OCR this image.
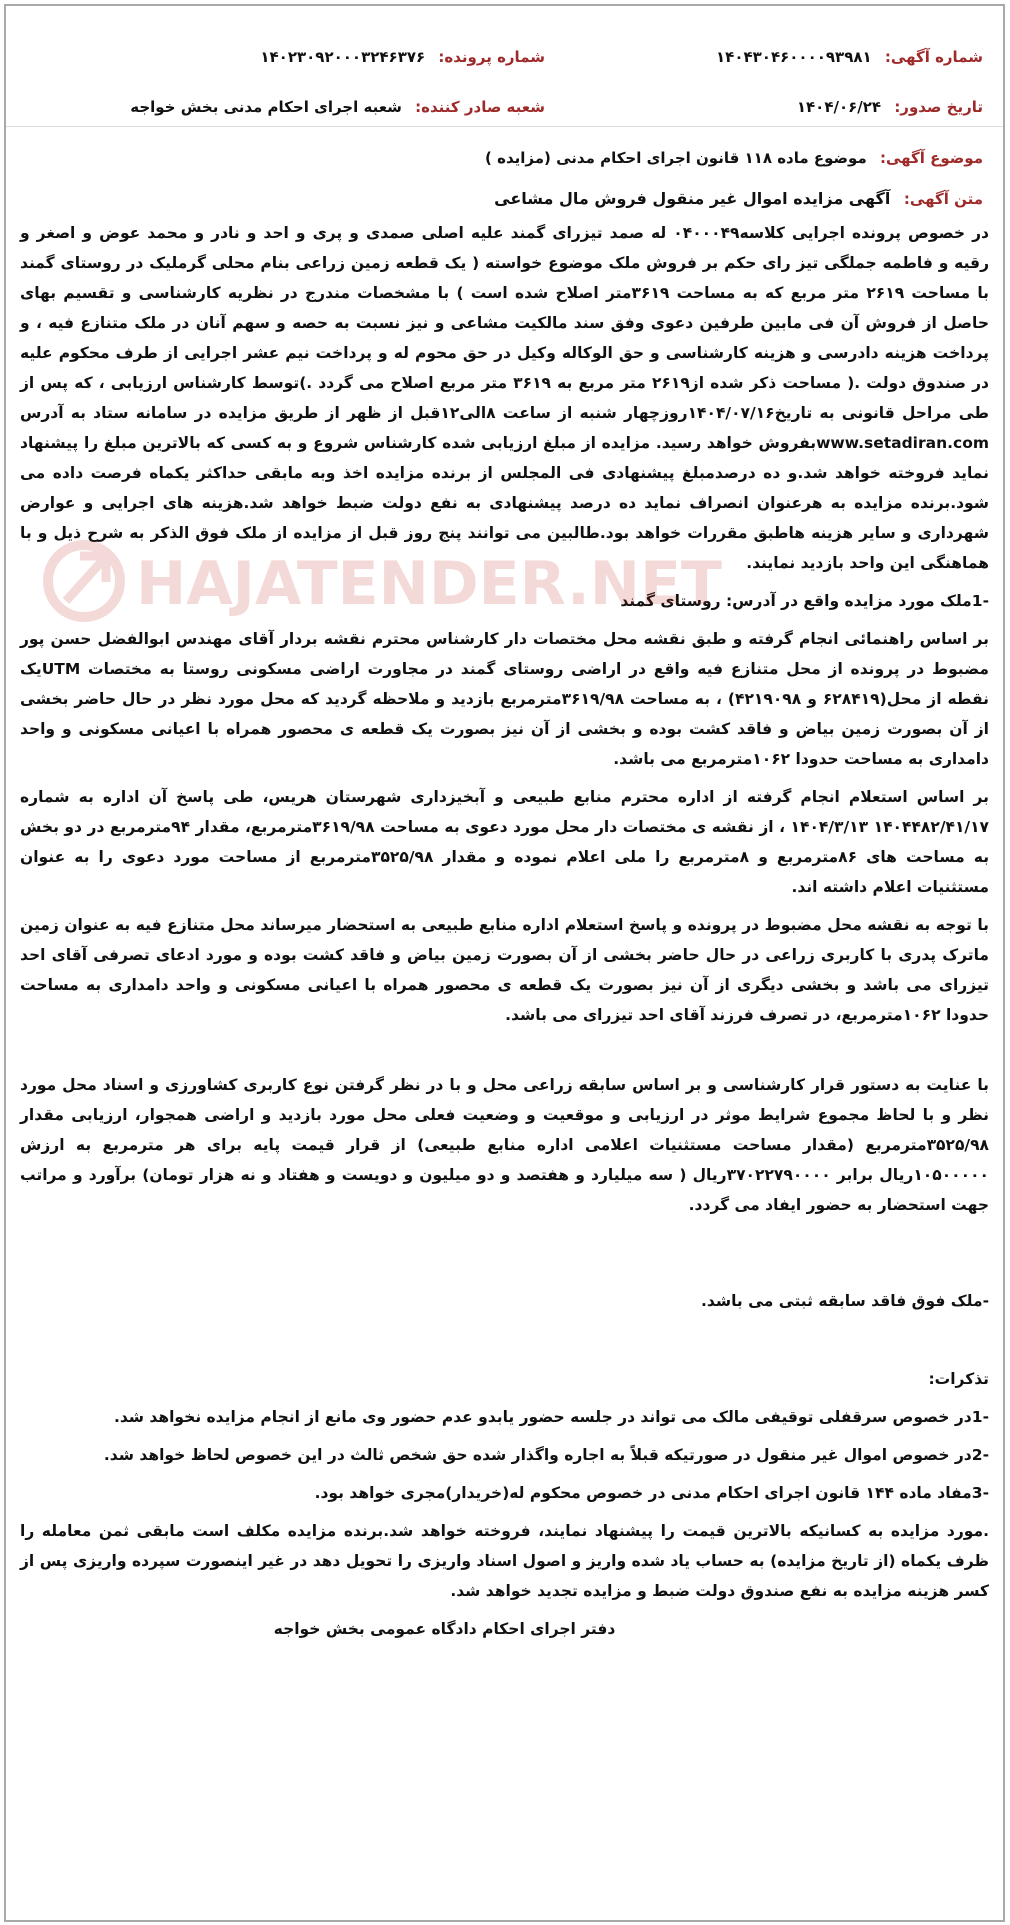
HAJATENDER.NET
شماره آگهی: ۱۴۰۴۳۰۴۶۰۰۰۰۹۳۹۸۱
شماره پرونده: ۱۴۰۲۳۰۹۲۰۰۰۳۲۴۶۳۷۶
تاریخ صدور: ۱۴۰۴/۰۶/۲۴
شعبه صادر کننده: شعبه اجرای احکام مدنی بخش خواجه
موضوع آگهی: موضوع ماده ۱۱۸ قانون اجرای احکام مدنی (مزایده )
متن آگهی: آگهی مزایده اموال غیر منقول فروش مال مشاعی

در خصوص پرونده اجرایی کلاسه۰۴۰۰۰۴۹ له صمد تیزرای گمند علیه اصلی صمدی و پری و احد و نادر و محمد عوض و اصغر و رقیه و فاطمه جملگی تیز رای حکم بر فروش ملک موضوع خواسته ( یک قطعه زمین زراعی بنام محلی گرملیک در روستای گمند با مساحت ۲۶۱۹ متر مربع که به مساحت ۳۶۱۹متر اصلاح شده است ) با مشخصات مندرج در نظریه کارشناسی و تقسیم بهای حاصل از فروش آن فی مابین طرفین دعوی وفق سند مالکیت مشاعی و نیز نسبت به حصه و سهم آنان در ملک متنازع فیه ، و پرداخت هزینه دادرسی و هزینه کارشناسی و حق الوکاله وکیل در حق محوم له و پرداخت نیم عشر اجرایی از طرف محکوم علیه در صندوق دولت .( مساحت ذکر شده از۲۶۱۹ متر مربع به ۳۶۱۹ متر مربع اصلاح می گردد .)توسط کارشناس ارزیابی ، که پس از طی مراحل قانونی به تاریخ۱۴۰۴/۰۷/۱۶روزچهار شنبه از ساعت ۸الی۱۲قبل از ظهر از طریق مزایده در سامانه ستاد به آدرس www.setadiran.comبفروش خواهد رسید. مزایده از مبلغ ارزیابی شده کارشناس شروع و به کسی که بالاترین مبلغ را پیشنهاد نماید فروخته خواهد شد.و ده درصدمبلغ پیشنهادی فی المجلس از برنده مزایده اخذ وبه مابقی حداکثر یکماه فرصت داده می شود.برنده مزایده به هرعنوان انصراف نماید ده درصد پیشنهادی به نفع دولت ضبط خواهد شد.هزینه های اجرایی و عوارض شهرداری و سایر هزینه هاطبق مقررات خواهد بود.طالبین می توانند پنج روز قبل از مزایده از ملک فوق الذکر به شرح ذیل و با هماهنگی این واحد بازدید نمایند.

-1ملک مورد مزایده واقع در آدرس: روستای گمند

بر اساس راهنمائی انجام گرفته و طبق نقشه محل مختصات دار کارشناس محترم نقشه بردار آقای مهندس ابوالفضل حسن پور مضبوط در پرونده از محل متنازع فیه واقع در اراضی روستای گمند در مجاورت اراضی مسکونی روستا به مختصات UTMیک نقطه از محل(۶۲۸۴۱۹ و ۴۲۱۹۰۹۸) ، به مساحت ۳۶۱۹/۹۸مترمربع بازدید و ملاحظه گردید که محل مورد نظر در حال حاضر بخشی از آن بصورت زمین بیاض و فاقد کشت بوده و بخشی از آن نیز بصورت یک قطعه ی محصور همراه با اعیانی مسکونی و واحد دامداری به مساحت حدودا ۱۰۶۲مترمربع می باشد.

بر اساس استعلام انجام گرفته از اداره محترم منابع طبیعی و آبخیزداری شهرستان هریس، طی پاسخ آن اداره به شماره ۱۴۰۴۴۸۲/۴۱/۱۷ ۱۴۰۴/۳/۱۳ ، از نقشه ی مختصات دار محل مورد دعوی به مساحت ۳۶۱۹/۹۸مترمربع، مقدار ۹۴مترمربع در دو بخش به مساحت های ۸۶مترمربع و ۸مترمربع را ملی اعلام نموده و مقدار ۳۵۲۵/۹۸مترمربع از مساحت مورد دعوی را به عنوان مستثنیات اعلام داشته اند.

با توجه به نقشه محل مضبوط در پرونده و پاسخ استعلام اداره منابع طبیعی به استحضار میرساند محل متنازع فیه به عنوان زمین ماترک پدری با کاربری زراعی در حال حاضر بخشی از آن بصورت زمین بیاض و فاقد کشت بوده و مورد ادعای تصرفی آقای احد تیزرای می باشد و بخشی دیگری از آن نیز بصورت یک قطعه ی محصور همراه با اعیانی مسکونی و واحد دامداری به مساحت حدودا ۱۰۶۲مترمربع، در تصرف فرزند آقای احد تیزرای می باشد.

با عنایت به دستور قرار کارشناسی و بر اساس سابقه زراعی محل و با در نظر گرفتن نوع کاربری کشاورزی و اسناد محل مورد نظر و با لحاظ مجموع شرایط موثر در ارزیابی و موقعیت و وضعیت فعلی محل مورد بازدید و اراضی همجوار، ارزیابی مقدار ۳۵۲۵/۹۸مترمربع (مقدار مساحت مستثنیات اعلامی اداره منابع طبیعی) از قرار قیمت پایه برای هر مترمربع به ارزش ۱۰۵۰۰۰۰۰ریال برابر ۳۷۰۲۲۷۹۰۰۰۰ریال ( سه میلیارد و هفتصد و دو میلیون و دویست و هفتاد و نه هزار تومان) برآورد و مراتب جهت استحضار به حضور ایفاد می گردد.

-ملک فوق فاقد سابقه ثبتی می باشد.

تذکرات:

-1در خصوص سرقفلی توقیفی مالک می تواند در جلسه حضور یابدو عدم حضور وی مانع از انجام مزایده نخواهد شد.

-2در خصوص اموال غیر منقول در صورتیکه قبلاً به اجاره واگذار شده حق شخص ثالث در این خصوص لحاظ خواهد شد.

-3مفاد ماده ۱۴۴ قانون اجرای احکام مدنی در خصوص محکوم له(خریدار)مجری خواهد بود.

.مورد مزایده به کسانیکه بالاترین قیمت را پیشنهاد نمایند، فروخته خواهد شد.برنده مزایده مکلف است مابقی ثمن معامله را ظرف یکماه (از تاریخ مزایده) به حساب یاد شده واریز و اصول اسناد واریزی را تحویل دهد در غیر اینصورت سپرده واریزی پس از کسر هزینه مزایده به نفع صندوق دولت ضبط و مزایده تجدید خواهد شد.

دفتر اجرای احکام دادگاه عمومی بخش خواجه
